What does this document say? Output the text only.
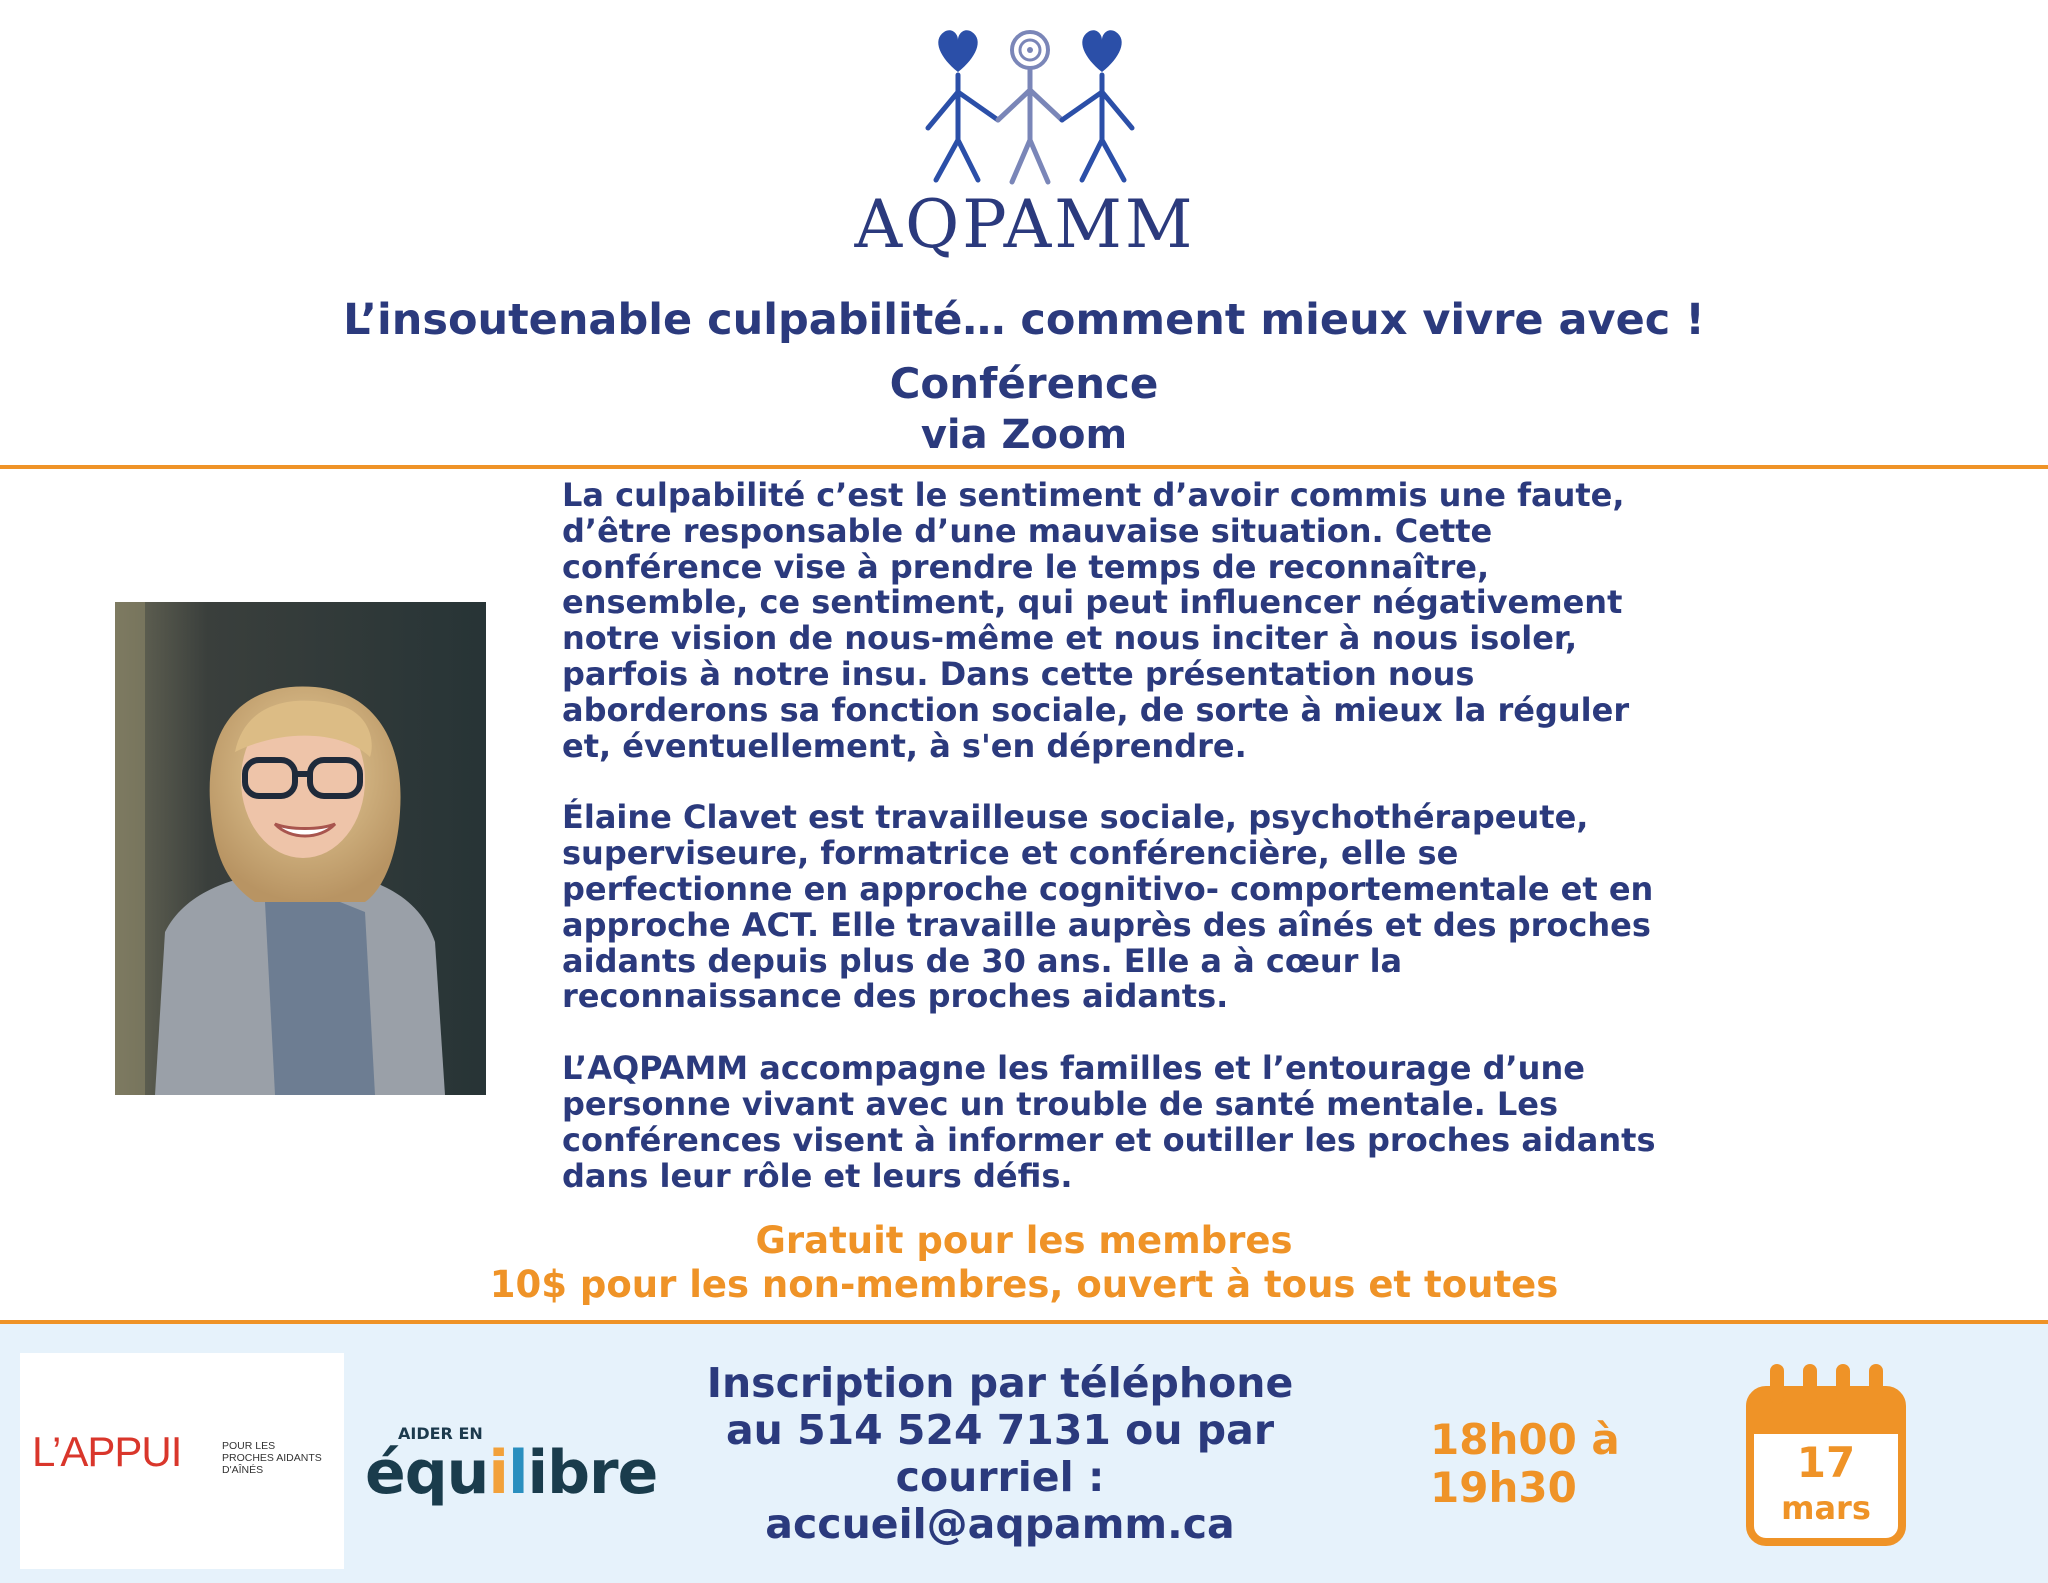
AQPAMM
L’insoutenable culpabilité… comment mieux vivre avec !
Conférence
via Zoom

La culpabilité c’est le sentiment d’avoir commis une faute,
d’être responsable d’une mauvaise situation. Cette
conférence vise à prendre le temps de reconnaître,
ensemble, ce sentiment, qui peut influencer négativement
notre vision de nous-même et nous inciter à nous isoler,
parfois à notre insu. Dans cette présentation nous
aborderons sa fonction sociale, de sorte à mieux la réguler
et, éventuellement, à s'en déprendre.

Élaine Clavet est travailleuse sociale, psychothérapeute,
superviseure, formatrice et conférencière, elle se
perfectionne en approche cognitivo- comportementale et en
approche ACT. Elle travaille auprès des aînés et des proches
aidants depuis plus de 30 ans. Elle a à cœur la
reconnaissance des proches aidants.

L’AQPAMM accompagne les familles et l’entourage d’une
personne vivant avec un trouble de santé mentale. Les
conférences visent à informer et outiller les proches aidants
dans leur rôle et leurs défis.

Gratuit pour les membres
10$ pour les non-membres, ouvert à tous et toutes
L’APPUI	POUR LES
PROCHES AIDANTS
D'AÎNÉS
AIDER EN
équilibre
Inscription par téléphone
au 514 524 7131 ou par
courriel :
accueil@aqpamm.ca
18h00 à
19h30
17
mars
